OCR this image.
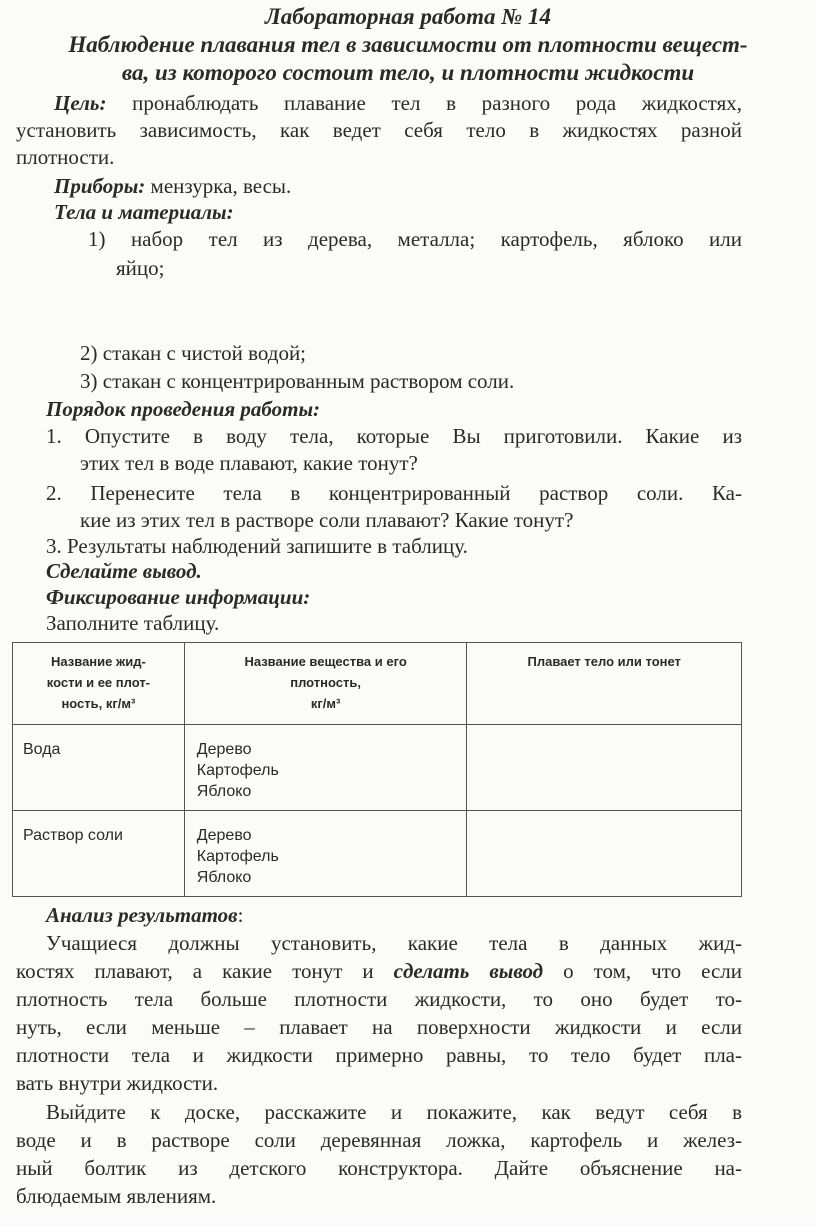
Лабораторная работа № 14

Наблюдение плавания тел в зависимости от плотности вещест-
ва, из которого состоит тело, и плотности жидкости

Цель: пронаблюдать плавание тел в разного рода жидкостях,

установить зависимость, как ведет себя тело в жидкостях разной

плотности.

Приборы: мензурка, весы.

Тела и материалы:

1) набор тел из дерева, металла; картофель, яблоко или

яйцо;

2) стакан с чистой водой;

3) стакан с концентрированным раствором соли.

Порядок проведения работы:

1. Опустите в воду тела, которые Вы приготовили. Какие из

этих тел в воде плавают, какие тонут?

2. Перенесите тела в концентрированный раствор соли. Ка-

кие из этих тел в растворе соли плавают? Какие тонут?

3. Результаты наблюдений запишите в таблицу.

Сделайте вывод.

Фиксирование информации:

Заполните таблицу.

Название жид-
кости и ее плот-
ность, кг/м³	Название вещества и его
плотность,
кг/м³	Плавает тело или тонет

Вода	Дерево
Картофель
Яблоко	

Раствор соли	Дерево
Картофель
Яблоко	

Анализ результатов:

Учащиеся должны установить, какие тела в данных жид-

костях плавают, а какие тонут и сделать вывод о том, что если

плотность тела больше плотности жидкости, то оно будет то-

нуть, если меньше – плавает на поверхности жидкости и если

плотности тела и жидкости примерно равны, то тело будет пла-

вать внутри жидкости.

Выйдите к доске, расскажите и покажите, как ведут себя в

воде и в растворе соли деревянная ложка, картофель и желез-

ный болтик из детского конструктора. Дайте объяснение на-

блюдаемым явлениям.
